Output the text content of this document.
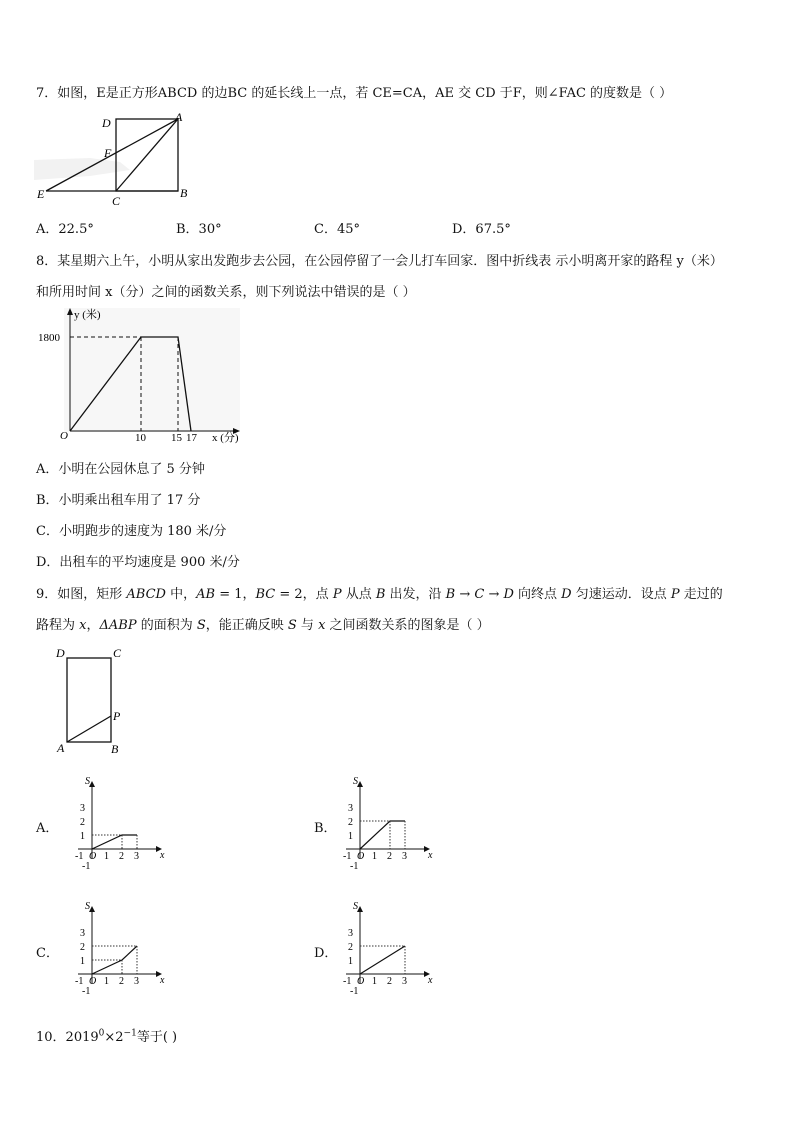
7．如图，E是正方形ABCD 的边BC 的延长线上一点，若 CE=CA，AE 交 CD 于F，则∠FAC 的度数是（ ）
D	A
F
E	C
B
A．22.5°	B．30°	C．45°	D．67.5°
8．某星期六上午，小明从家出发跑步去公园，在公园停留了一会儿打车回家．图中折线表 示小明离开家的路程 y（米）
和所用时间 x（分）之间的函数关系，则下列说法中错误的是（ ）
y (米)
1800
O	10 15 17 x (分)
A．小明在公园休息了 5 分钟
B．小明乘出租车用了 17 分
C．小明跑步的速度为 180 米/分
D．出租车的平均速度是 900 米/分
9．如图，矩形 ABCD 中，AB = 1，BC = 2，点 P 从点 B 出发，沿 B → C → D 向终点 D 匀速运动．设点 P 走过的
路程为 x，ΔABP 的面积为 S，能正确反映 S 与 x 之间函数关系的图象是（ ）
D	C
P
A	B
A．
S
x
-1 O
-1
1
2
3
1 2 3
B．
S
x
-1 O
-1
1
2
3
1 2 3
C．
S
x
-1 O
-1
1
2
3
1 2 3
D．
S
x
-1 O
-1
1
2
3
1 2 3
10．$2019^0\times 2^{-1}$等于( )
